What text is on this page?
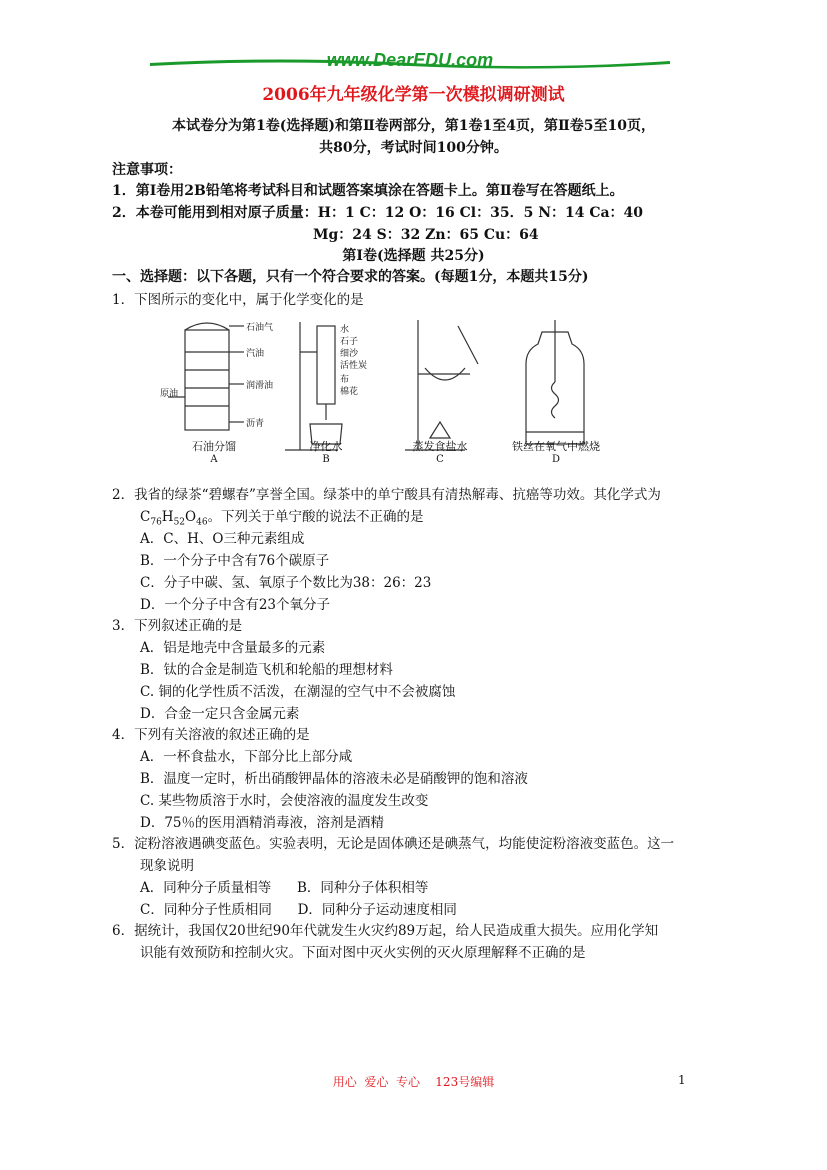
www.DearEDU.com
2006年九年级化学第一次模拟调研测试
本试卷分为第1卷(选择题)和第Ⅱ卷两部分，第1卷1至4页，第Ⅱ卷5至10页，
共80分，考试时间100分钟。
注意事项：
1．第Ⅰ卷用2B铅笔将考试科目和试题答案填涂在答题卡上。第Ⅱ卷写在答题纸上。
2．本卷可能用到相对原子质量：H：1 C：12 O：16 Cl：35．5 N：14 Ca：40
Mg：24 S：32 Zn：65 Cu：64
第Ⅰ卷(选择题 共25分)
一、选择题：以下各题，只有一个符合要求的答案。(每题1分，本题共15分)
1．下图所示的变化中，属于化学变化的是
石油分馏
A
净化水
B
蒸发食盐水
C
铁丝在氧气中燃烧
D
石油气
汽油
润滑油
原油
沥青
水
石子
细沙
活性炭
布
棉花
2．我省的绿茶“碧螺春”享誉全国。绿茶中的单宁酸具有清热解毒、抗癌等功效。其化学式为
$C_{76}H_{52}O_{46}$。下列关于单宁酸的说法不正确的是
A．C、H、O三种元素组成
B．一个分子中含有76个碳原子
C．分子中碳、氢、氧原子个数比为38：26：23
D．一个分子中含有23个氧分子
3．下列叙述正确的是
A．铝是地壳中含量最多的元素
B．钛的合金是制造飞机和轮船的理想材料
C. 铜的化学性质不活泼，在潮湿的空气中不会被腐蚀
D．合金一定只含金属元素
4．下列有关溶液的叙述正确的是
A．一杯食盐水，下部分比上部分咸
B．温度一定时，析出硝酸钾晶体的溶液未必是硝酸钾的饱和溶液
C. 某些物质溶于水时，会使溶液的温度发生改变
D．75％的医用酒精消毒液，溶剂是酒精
5．淀粉溶液遇碘变蓝色。实验表明，无论是固体碘还是碘蒸气，均能使淀粉溶液变蓝色。这一
现象说明
A．同种分子质量相等      B．同种分子体积相等
C．同种分子性质相同      D．同种分子运动速度相同
6．据统计，我国仅20世纪90年代就发生火灾约89万起，给人民造成重大损失。应用化学知
识能有效预防和控制火灾。下面对图中灭火实例的灭火原理解释不正确的是
用心  爱心  专心    123号编辑	1
